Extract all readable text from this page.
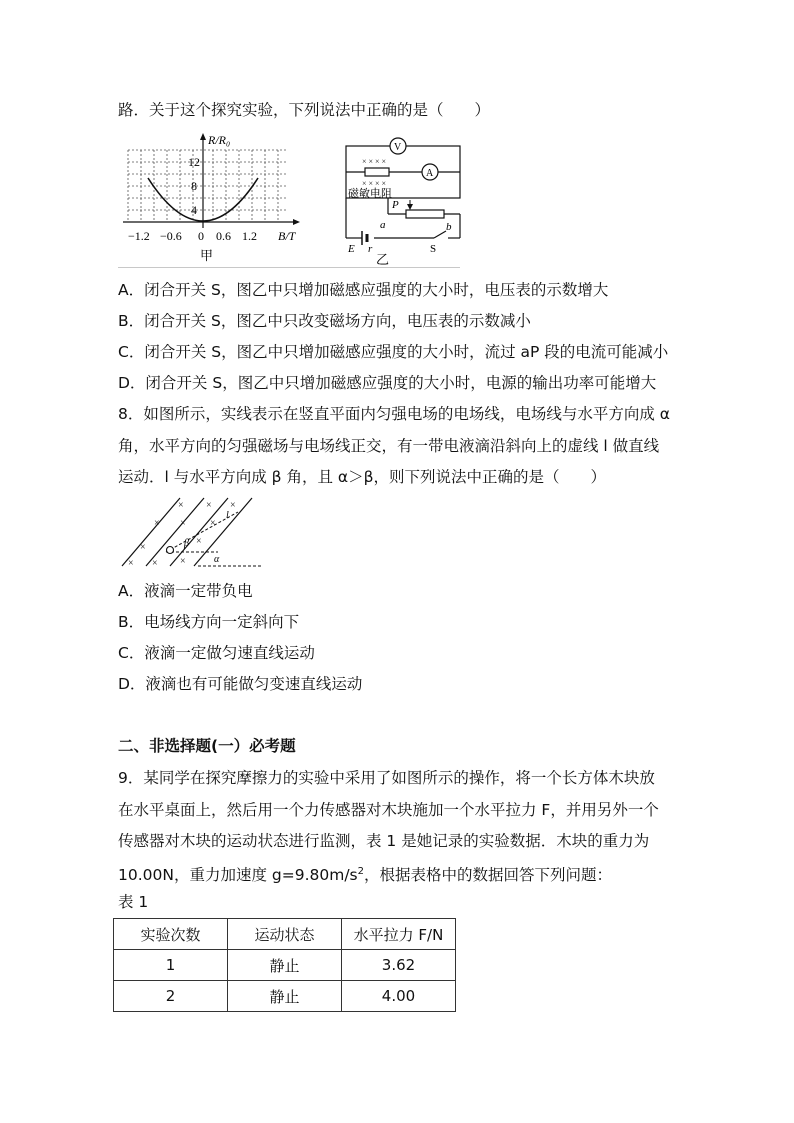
路．关于这个探究实验，下列说法中正确的是（　　）
R/R₀
B/T
12
8
4
−1.2 −0.6 0 0.6 1.2
甲
× × × ×
× × × ×
V
A
磁敏电阻
P
a	b
E r	S
乙
A．闭合开关 S，图乙中只增加磁感应强度的大小时，电压表的示数增大
B．闭合开关 S，图乙中只改变磁场方向，电压表的示数减小
C．闭合开关 S，图乙中只增加磁感应强度的大小时，流过 aP 段的电流可能减小
D．闭合开关 S，图乙中只增加磁感应强度的大小时，电源的输出功率可能增大
8．如图所示，实线表示在竖直平面内匀强电场的电场线，电场线与水平方向成 α
角，水平方向的匀强磁场与电场线正交，有一带电液滴沿斜向上的虚线 l 做直线
运动．l 与水平方向成 β 角，且 α＞β，则下列说法中正确的是（　　）
× × ×
× × ×
×
×
× × ×
l
β
α
A．液滴一定带负电
B．电场线方向一定斜向下
C．液滴一定做匀速直线运动
D．液滴也有可能做匀变速直线运动
二、非选择题(一）必考题
9．某同学在探究摩擦力的实验中采用了如图所示的操作，将一个长方体木块放
在水平桌面上，然后用一个力传感器对木块施加一个水平拉力 F，并用另外一个
传感器对木块的运动状态进行监测，表 1 是她记录的实验数据．木块的重力为
10.00N，重力加速度 $g=9.80m/s^2$，根据表格中的数据回答下列问题：
表 1
实验次数	运动状态	水平拉力 F/N
1	静止	3.62
2	静止	4.00
